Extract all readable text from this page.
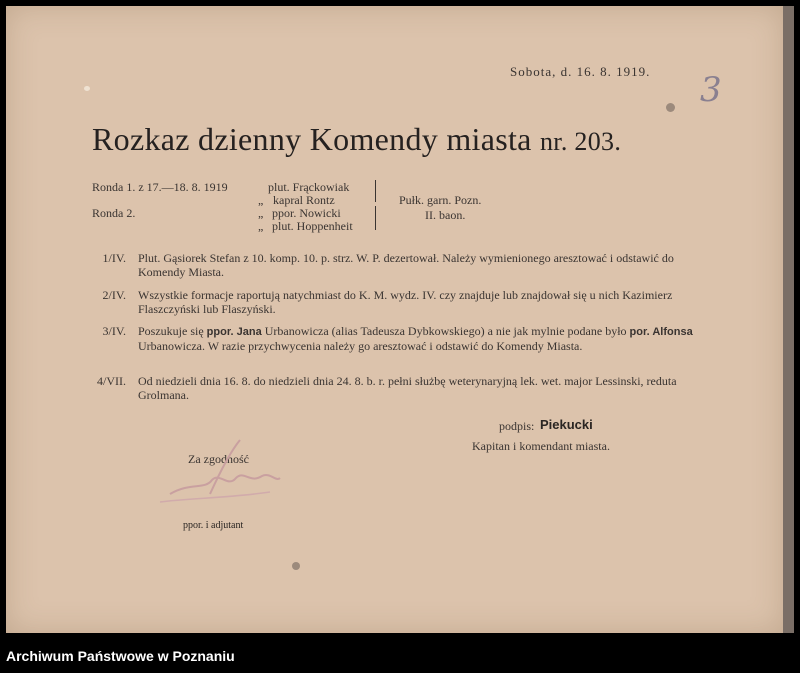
Sobota, d. 16. 8. 1919. 3
Rozkaz dzienny Komendy miasta nr. 203.
Ronda 1. z 17.—18. 8. 1919	plut. Frąckowiak
„ kapral Rontz
Ronda 2.	„ ppor. Nowicki
„ plut. Hoppenheit
Pułk. garn. Pozn.
II. baon.
1/IV. Plut. Gąsiorek Stefan z 10. komp. 10. p. strz. W. P. dezertował. Należy wymienionego aresztować i odstawić do Komendy Miasta.
2/IV. Wszystkie formacje raportują natychmiast do K. M. wydz. IV. czy znajduje lub znajdował się u nich Kazimierz Flaszczyński lub Flaszyński.
3/IV. Poszukuje się ppor. Jana Urbanowicza (alias Tadeusza Dybkowskiego) a nie jak mylnie podane było por. Alfonsa Urbanowicza. W razie przychwycenia należy go aresztować i odstawić do Komendy Miasta.
4/VII. Od niedzieli dnia 16. 8. do niedzieli dnia 24. 8. b. r. pełni służbę weterynaryjną lek. wet. major Lessinski, reduta Grolmana.
podpis: Piekucki
Kapitan i komendant miasta.
Za zgodność
ppor. i adjutant
Archiwum Państwowe w Poznaniu
